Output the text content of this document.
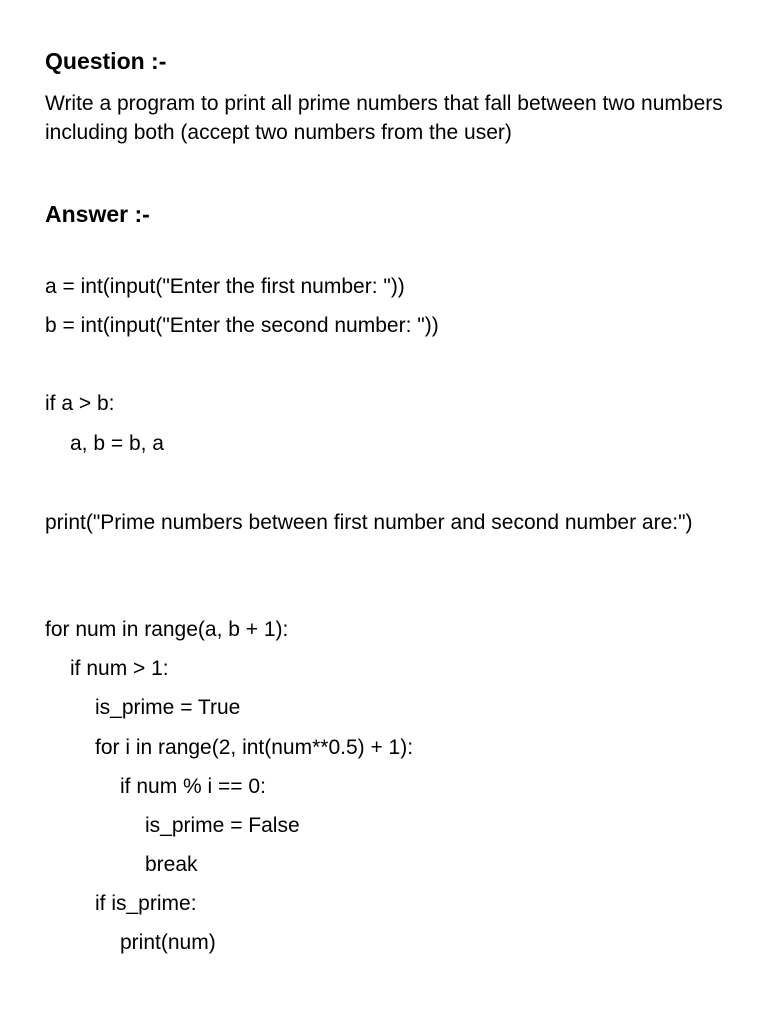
Question :-
Write a program to print all prime numbers that fall between two numbers including both (accept two numbers from the user)
Answer :-
a = int(input("Enter the first number: "))
b = int(input("Enter the second number: "))
if a > b:
a, b = b, a
print("Prime numbers between first number and second number are:")
for num in range(a, b + 1):
if num > 1:
is_prime = True
for i in range(2, int(num**0.5) + 1):
if num % i == 0:
is_prime = False
break
if is_prime:
print(num)
